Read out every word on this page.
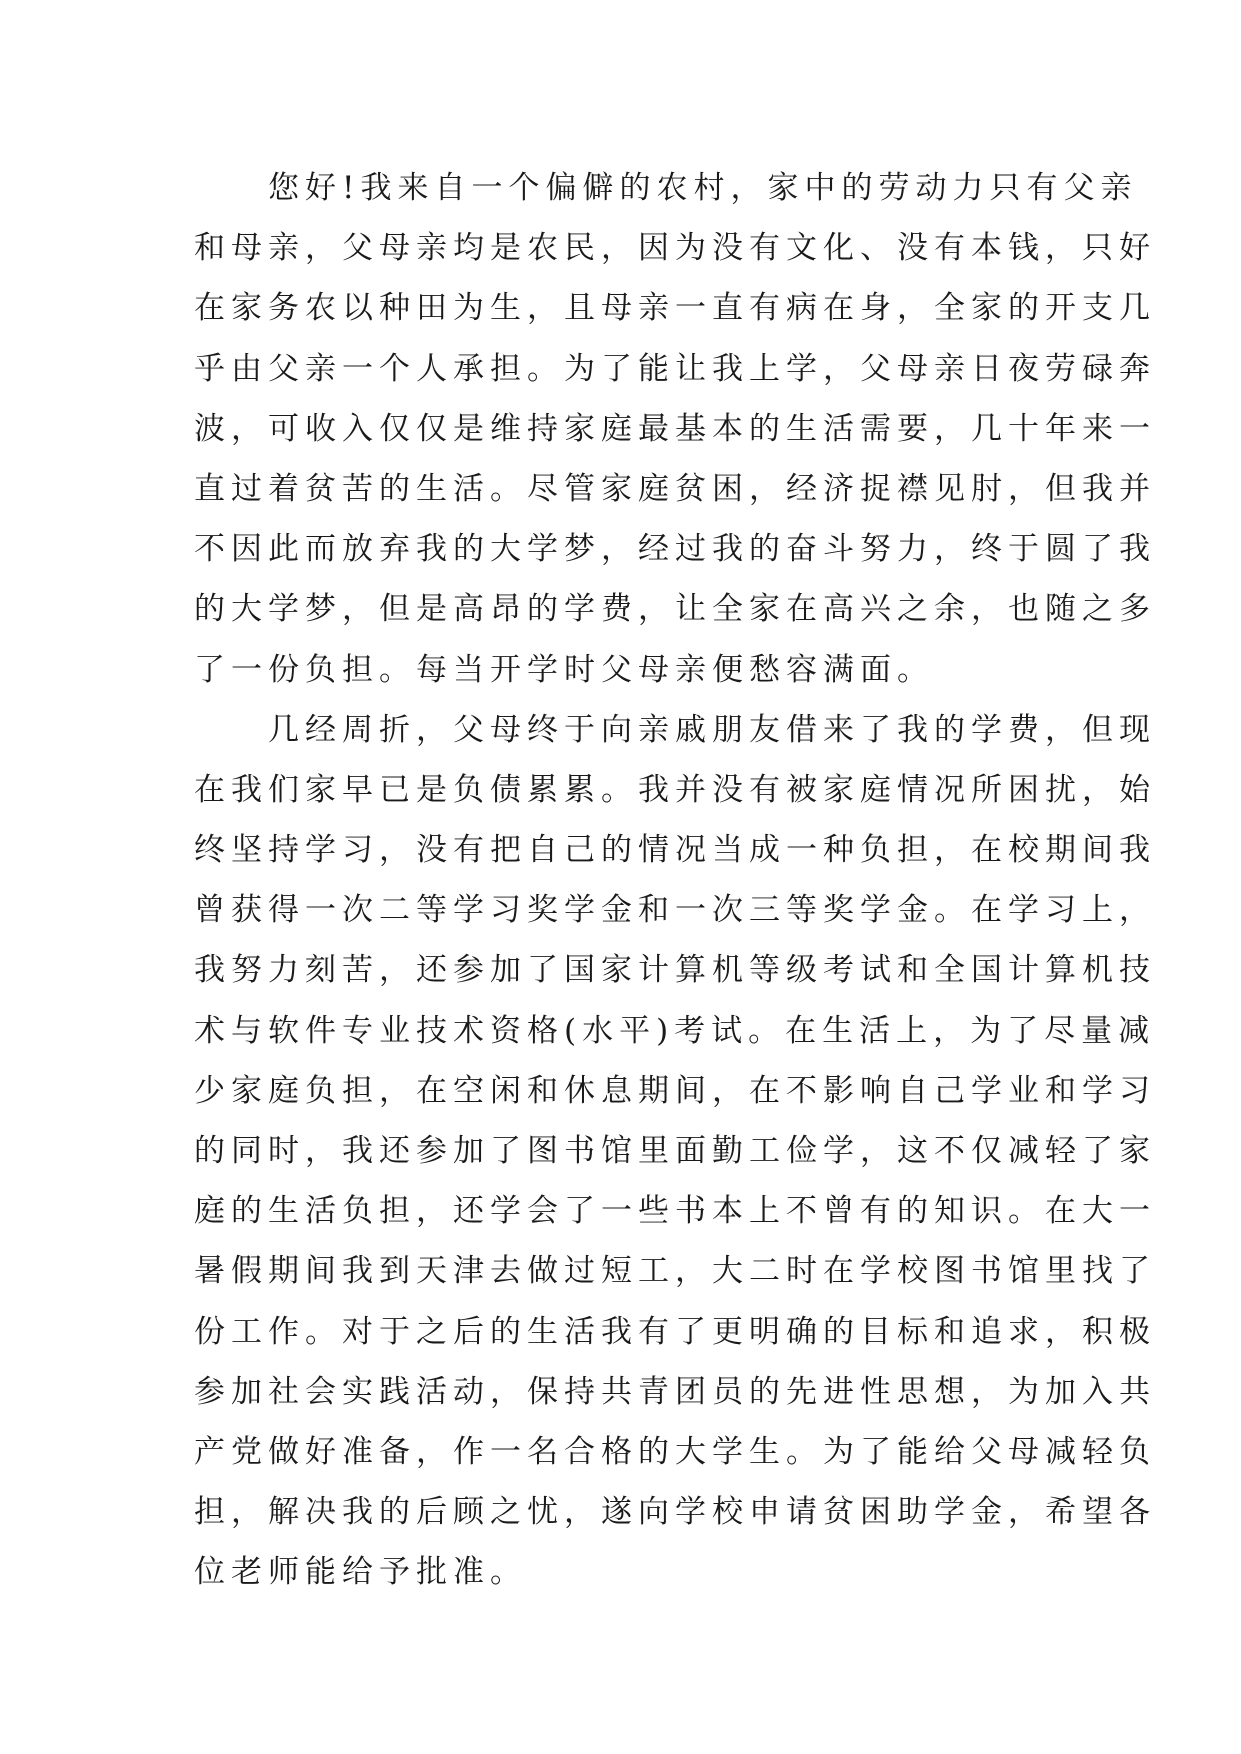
　　您好!我来自一个偏僻的农村，家中的劳动力只有父亲
和母亲，父母亲均是农民，因为没有文化、没有本钱，只好
在家务农以种田为生，且母亲一直有病在身，全家的开支几
乎由父亲一个人承担。为了能让我上学，父母亲日夜劳碌奔
波，可收入仅仅是维持家庭最基本的生活需要，几十年来一
直过着贫苦的生活。尽管家庭贫困，经济捉襟见肘，但我并
不因此而放弃我的大学梦，经过我的奋斗努力，终于圆了我
的大学梦，但是高昂的学费，让全家在高兴之余，也随之多
了一份负担。每当开学时父母亲便愁容满面。
　　几经周折，父母终于向亲戚朋友借来了我的学费，但现
在我们家早已是负债累累。我并没有被家庭情况所困扰，始
终坚持学习，没有把自己的情况当成一种负担，在校期间我
曾获得一次二等学习奖学金和一次三等奖学金。在学习上，
我努力刻苦，还参加了国家计算机等级考试和全国计算机技
术与软件专业技术资格(水平)考试。在生活上，为了尽量减
少家庭负担，在空闲和休息期间，在不影响自己学业和学习
的同时，我还参加了图书馆里面勤工俭学，这不仅减轻了家
庭的生活负担，还学会了一些书本上不曾有的知识。在大一
暑假期间我到天津去做过短工，大二时在学校图书馆里找了
份工作。对于之后的生活我有了更明确的目标和追求，积极
参加社会实践活动，保持共青团员的先进性思想，为加入共
产党做好准备，作一名合格的大学生。为了能给父母减轻负
担，解决我的后顾之忧，遂向学校申请贫困助学金，希望各
位老师能给予批准。
